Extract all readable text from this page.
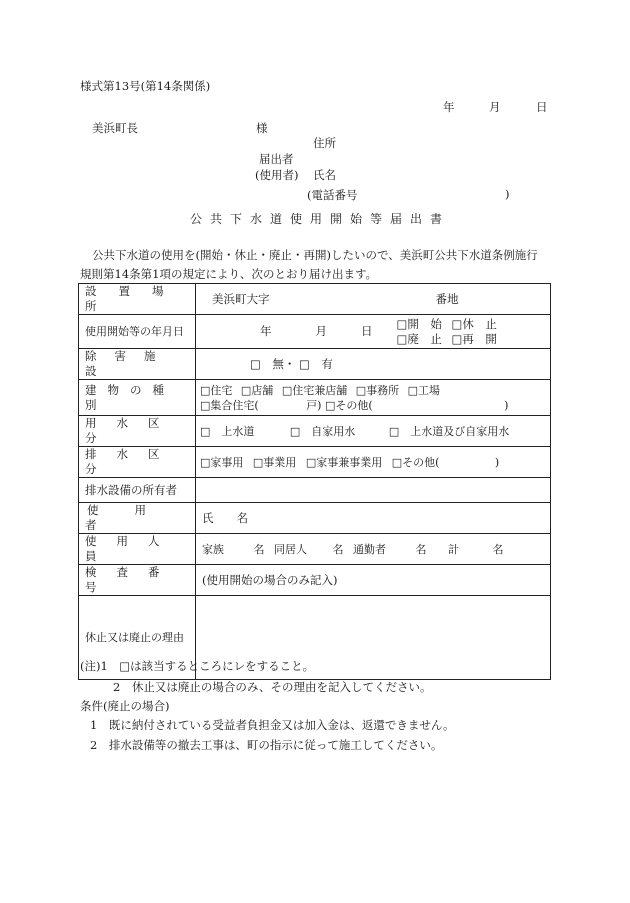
様式第13号(第14条関係)
年	月	日
美浜町長	様
住所
届出者
(使用者) 氏名
(電話番号	)
公共下水道使用開始等届出書
公共下水道の使用を(開始・休止・廃止・再開)したいので、美浜町公共下水道条例施行
規則第14条第1項の規定により、次のとおり届け出ます。
設置場所	美浜町大字 番地

使用開始等の年月日	年 月 日
□開　始 □休　止
□廃　止 □再　開

除害施設	□　無・ □　有
建物の種別	□住宅 □店舗 □住宅兼店舗 □事務所 □工場
□集合住宅( 戸) □その他( )

用水区分	□　上水道 □　自家用水 □　上水道及び自家用水
排水区分	□家事用 □事業用 □家事兼事業用 □その他( )
排水設備の所有者	
使用者	氏　　名
使用人員	家族 名 同居人 名 通勤者 名 計 名
検査番号	(使用開始の場合のみ記入)
休止又は廃止の理由	
(注)1　□は該当するところにレをすること。
2　休止又は廃止の場合のみ、その理由を記入してください。
条件(廃止の場合)
1　既に納付されている受益者負担金又は加入金は、返還できません。
2　排水設備等の撤去工事は、町の指示に従って施工してください。
